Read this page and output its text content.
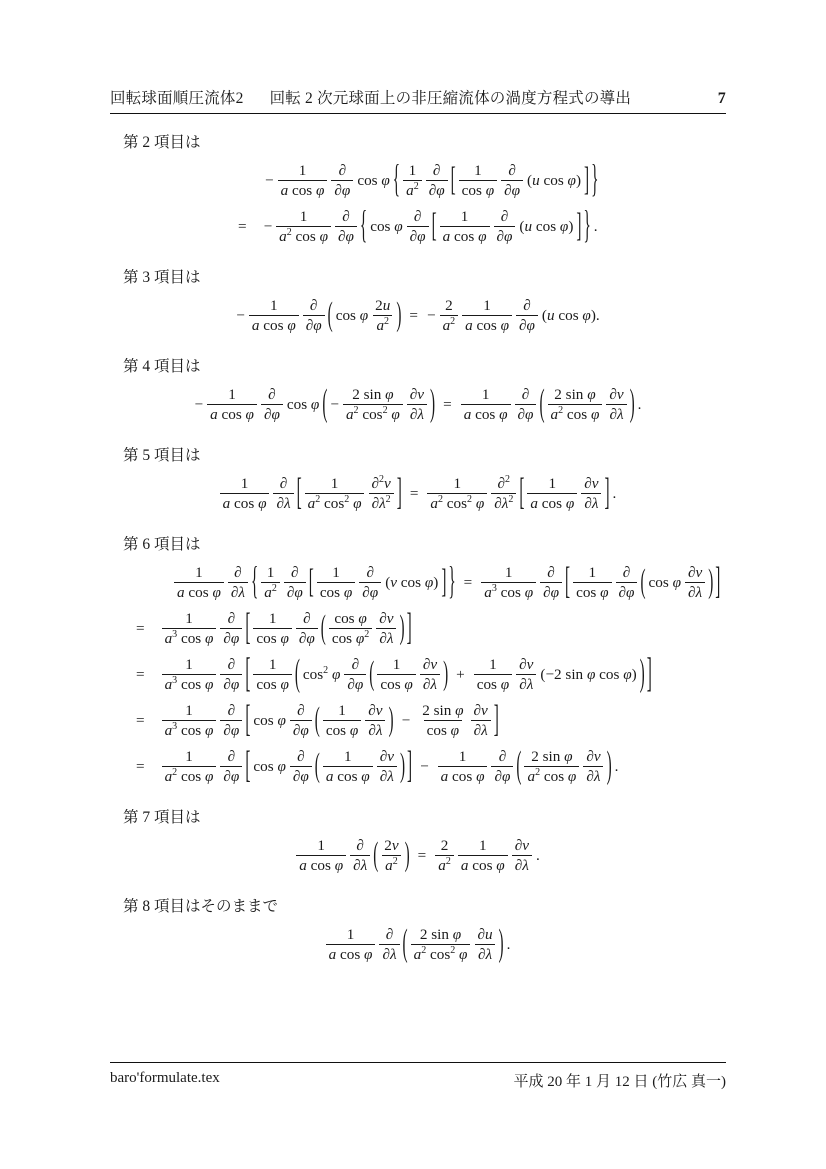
回転球面順圧流体2 回転 2 次元球面上の非圧縮流体の渦度方程式の導出	7
第 2 項目は
− $\frac{1}{\text{a cos φ}}$ ∂
∂φ
cos φ { 1
$a^2$
∂
∂φ [ 1
cos φ
∂
∂φ
(u cos φ) ] }
= − $\frac{1}{a^2 \cos \varphi}$ ∂
∂φ { cos φ
∂
∂φ [ 1
a cos φ
∂
∂φ
(u cos φ) ] } .
第 3 項目は
− $\frac{1}{\text{a cos φ}}$ ∂
∂φ ( cos φ
2u
$a^2$ ) = − $\frac{2}{a^2} 1$
a cos φ
∂
∂φ
(u cos φ).
第 4 項目は
− $\frac{1}{\text{a cos φ}}$ ∂
∂φ
cos φ ( − $\frac{\text{2 sin φ}}{a^2 \cos^2 \varphi} \partial v$
∂λ ) = $\frac{1}{\text{a cos φ}}$ ∂
∂φ ( 2 sin φ
$a^2$ cos φ
∂v
∂λ ) .
第 5 項目は
1
a cos φ
∂
∂λ [ 1
$a^2$ $\cos^2 \varphi$
∂$^2$v
$\partial\lambda^2$ ] = $\frac{1}{a^2 \cos^2 \varphi} \partial^2$
$\partial\lambda^2$ [ 1
a cos φ
∂v
∂λ ] .
第 6 項目は
1
a cos φ
∂
∂λ { 1
$a^2$
∂
∂φ [ 1
cos φ
∂
∂φ
(v cos φ) ] } = $\frac{1}{a^3 \cos \varphi}$ ∂
∂φ [ 1
cos φ
∂
∂φ ( cos φ
∂v
∂λ ) ]
= $\frac{1}{a^3 \cos \varphi}$ ∂
∂φ [ 1
cos φ
∂
∂φ ( cos φ
$\cos \varphi^2$
∂v
∂λ ) ]
= $\frac{1}{a^3 \cos \varphi}$ ∂
∂φ [ 1
cos φ ( $\cos^2 \varphi$
∂
∂φ ( 1
cos φ
∂v
∂λ ) + $\frac{1}{\text{cos φ}} \partial v$
∂λ
(−2 sin φ cos φ) ) ]
= $\frac{1}{a^3 \cos \varphi}$ ∂
∂φ [ cos φ
∂
∂φ ( 1
cos φ
∂v
∂λ ) − $\frac{\text{2 sin φ}}{\text{cos φ}} \partial v$
∂λ ]
= $\frac{1}{a^2 \cos \varphi}$ ∂
∂φ [ cos φ
∂
∂φ ( 1
a cos φ
∂v
∂λ ) ] − $\frac{1}{\text{a cos φ}}$ ∂
∂φ ( 2 sin φ
$a^2$ cos φ
∂v
∂λ ) .
第 7 項目は
1
a cos φ
∂
∂λ ( 2v
$a^2$ ) = $\frac{2}{a^2} 1$
a cos φ
∂v
∂λ
.
第 8 項目はそのままで
1
a cos φ
∂
∂λ ( 2 sin φ
$a^2$ $\cos^2 \varphi$
∂u
∂λ ) .
baro'formulate.tex	平成 20 年 1 月 12 日 (竹広 真一)
